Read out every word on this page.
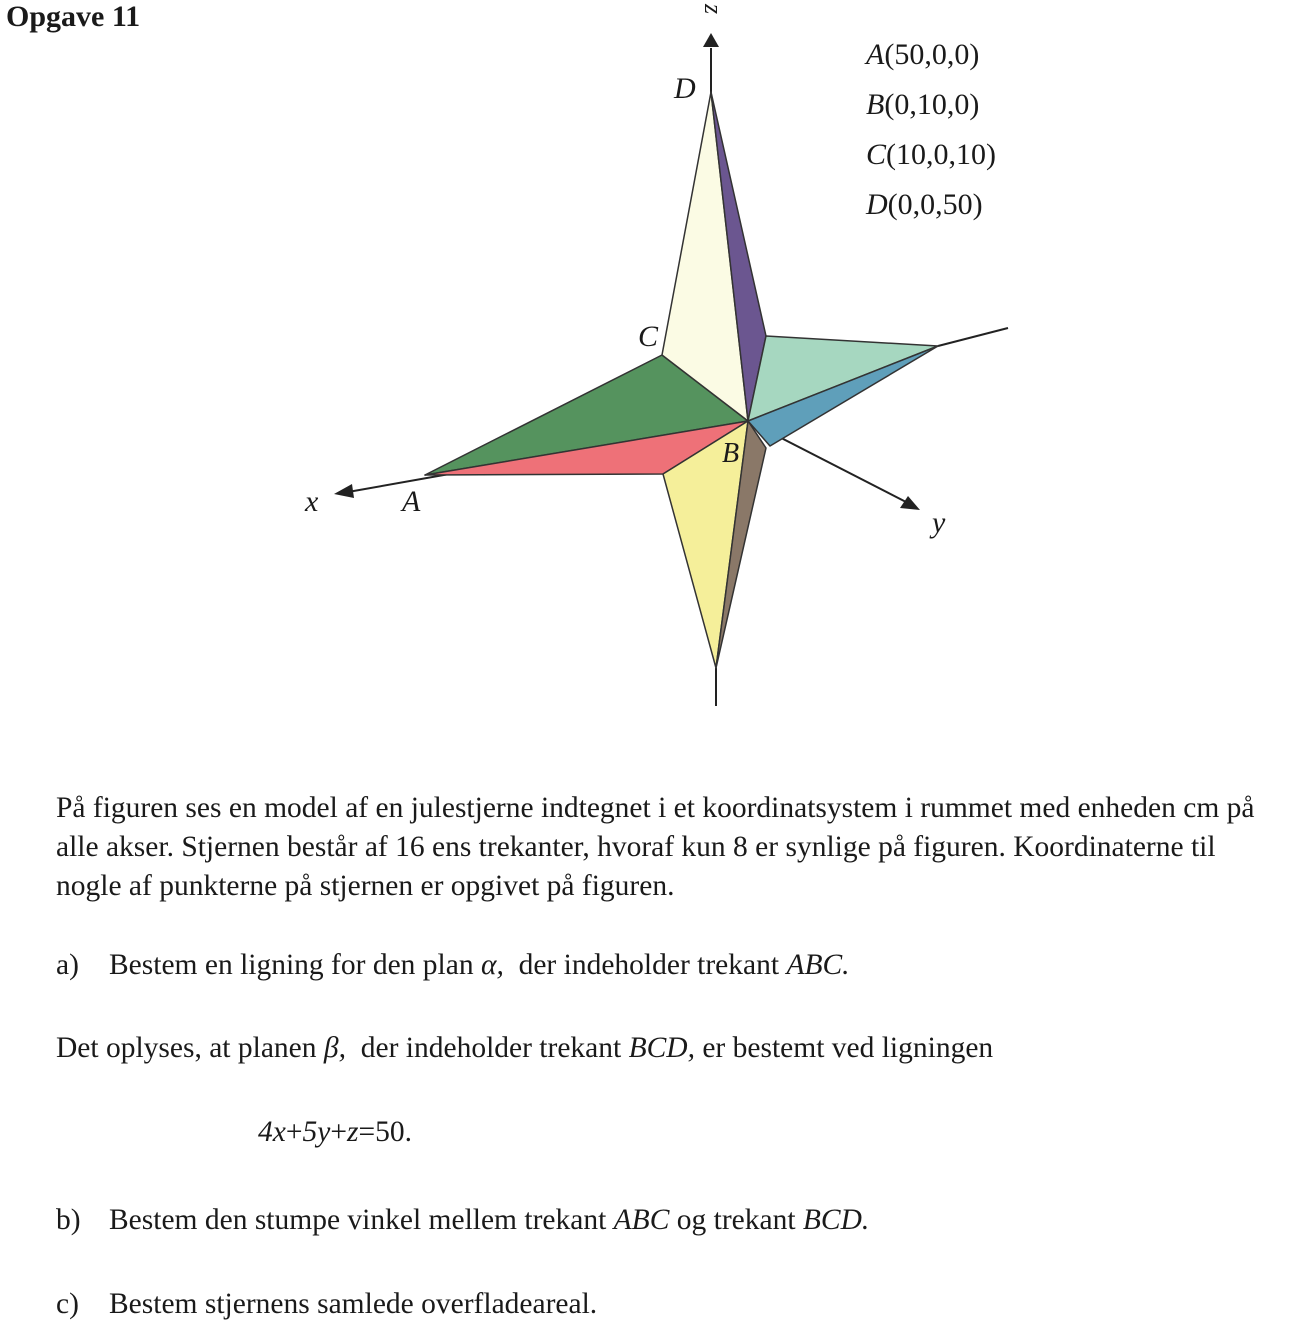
Opgave 11
x
y
z
A
B
C
D
A(50,0,0)
B(0,10,0)
C(10,0,10)
D(0,0,50)

På figuren ses en model af en julestjerne indtegnet i et koordinatsystem i rummet med enheden cm på alle akser. Stjernen består af 16 ens trekanter, hvoraf kun 8 er synlige på figuren. Koordinaterne til nogle af punkterne på stjernen er opgivet på figuren.

a) Bestem en ligning for den plan α, der indeholder trekant ABC.

Det oplyses, at planen β, der indeholder trekant BCD, er bestemt ved ligningen

4x+5y+z=50.

b) Bestem den stumpe vinkel mellem trekant ABC og trekant BCD.

c) Bestem stjernens samlede overfladeareal.
